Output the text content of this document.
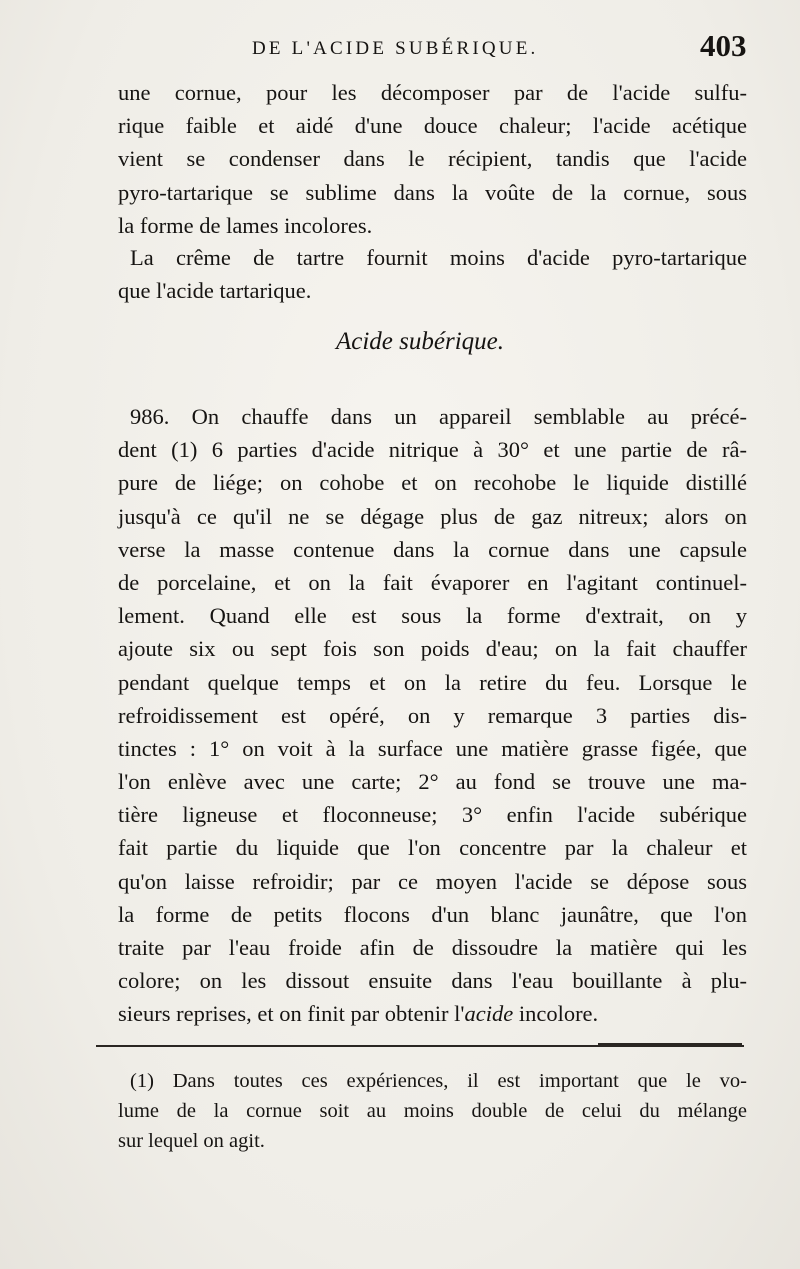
DE L'ACIDE SUBÉRIQUE.	403
une cornue, pour les décomposer par de l'acide sulfu-
rique faible et aidé d'une douce chaleur; l'acide acétique
vient se condenser dans le récipient, tandis que l'acide
pyro-tartarique se sublime dans la voûte de la cornue, sous
la forme de lames incolores.
La crême de tartre fournit moins d'acide pyro-tartarique
que l'acide tartarique.
Acide subérique.
986. On chauffe dans un appareil semblable au précé-
dent (1) 6 parties d'acide nitrique à 30° et une partie de râ-
pure de liége; on cohobe et on recohobe le liquide distillé
jusqu'à ce qu'il ne se dégage plus de gaz nitreux; alors on
verse la masse contenue dans la cornue dans une capsule
de porcelaine, et on la fait évaporer en l'agitant continuel-
lement. Quand elle est sous la forme d'extrait, on y
ajoute six ou sept fois son poids d'eau; on la fait chauffer
pendant quelque temps et on la retire du feu. Lorsque le
refroidissement est opéré, on y remarque 3 parties dis-
tinctes : 1° on voit à la surface une matière grasse figée, que
l'on enlève avec une carte; 2° au fond se trouve une ma-
tière ligneuse et floconneuse; 3° enfin l'acide subérique
fait partie du liquide que l'on concentre par la chaleur et
qu'on laisse refroidir; par ce moyen l'acide se dépose sous
la forme de petits flocons d'un blanc jaunâtre, que l'on
traite par l'eau froide afin de dissoudre la matière qui les
colore; on les dissout ensuite dans l'eau bouillante à plu-
sieurs reprises, et on finit par obtenir l'acide incolore.
(1) Dans toutes ces expériences, il est important que le vo-
lume de la cornue soit au moins double de celui du mélange
sur lequel on agit.
